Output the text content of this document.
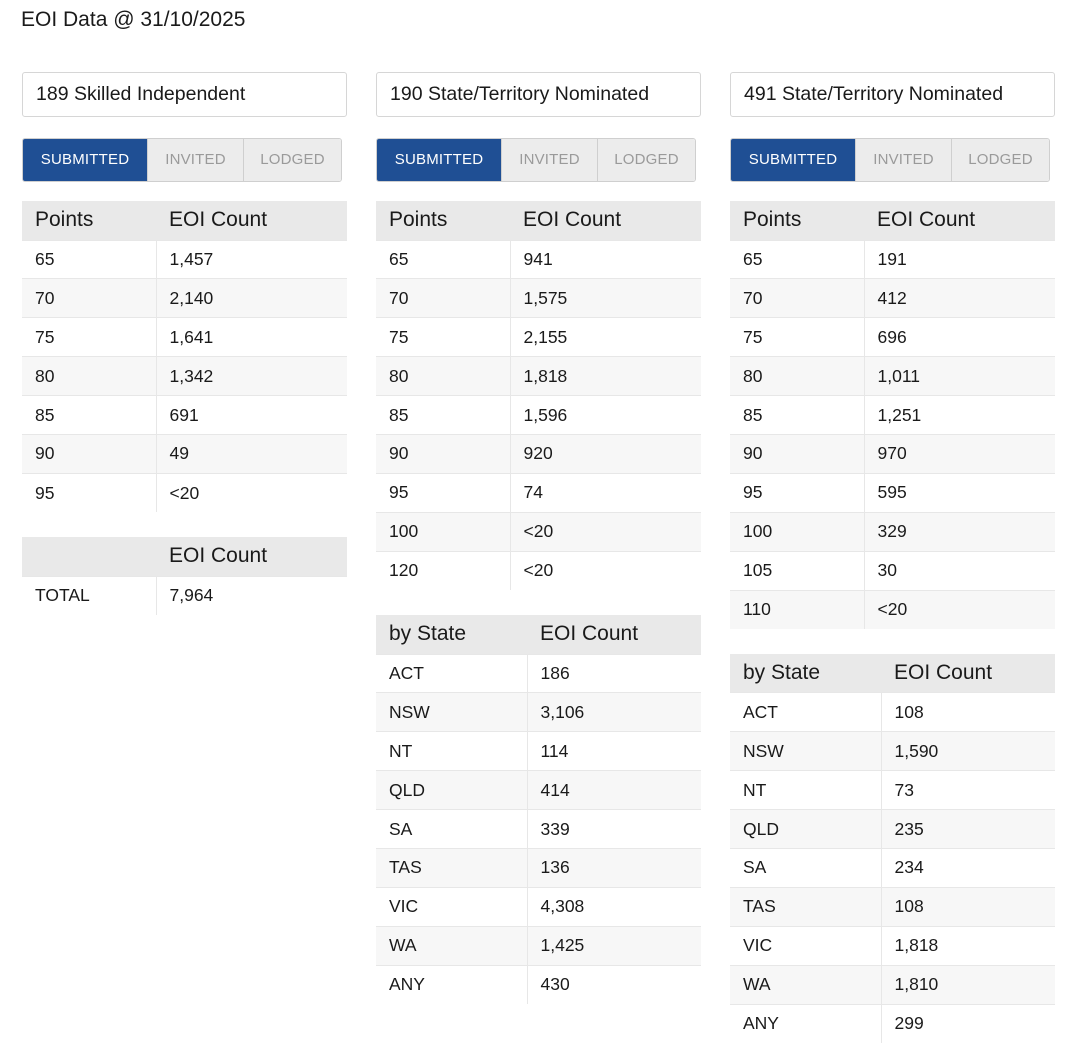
EOI Data @ 31/10/2025
189 Skilled Independent
SUBMITTED	INVITED	LODGED
Points	EOI Count
65	1,457
70	2,140
75	1,641
80	1,342
85	691
90	49
95	<20
	EOI Count
TOTAL	7,964
190 State/Territory Nominated
SUBMITTED	INVITED	LODGED
Points	EOI Count
65	941
70	1,575
75	2,155
80	1,818
85	1,596
90	920
95	74
100	<20
120	<20
by State	EOI Count
ACT	186
NSW	3,106
NT	114
QLD	414
SA	339
TAS	136
VIC	4,308
WA	1,425
ANY	430
491 State/Territory Nominated
SUBMITTED	INVITED	LODGED
Points	EOI Count
65	191
70	412
75	696
80	1,011
85	1,251
90	970
95	595
100	329
105	30
110	<20
by State	EOI Count
ACT	108
NSW	1,590
NT	73
QLD	235
SA	234
TAS	108
VIC	1,818
WA	1,810
ANY	299
